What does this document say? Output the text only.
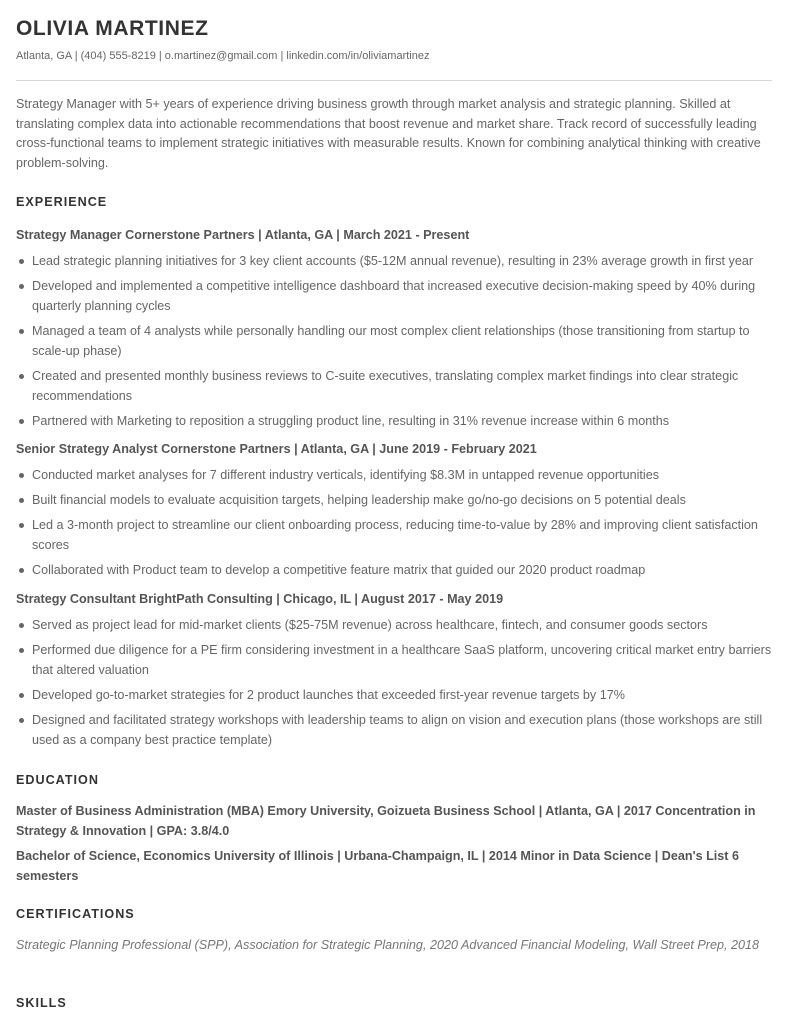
OLIVIA MARTINEZ
Atlanta, GA | (404) 555-8219 | o.martinez@gmail.com | linkedin.com/in/oliviamartinez

Strategy Manager with 5+ years of experience driving business growth through market analysis and strategic planning. Skilled at translating complex data into actionable recommendations that boost revenue and market share. Track record of successfully leading cross-functional teams to implement strategic initiatives with measurable results. Known for combining analytical thinking with creative problem-solving.

EXPERIENCE

Strategy Manager Cornerstone Partners | Atlanta, GA | March 2021 - Present

Lead strategic planning initiatives for 3 key client accounts ($5-12M annual revenue), resulting in 23% average growth in first year
Developed and implemented a competitive intelligence dashboard that increased executive decision-making speed by 40% during quarterly planning cycles
Managed a team of 4 analysts while personally handling our most complex client relationships (those transitioning from startup to scale-up phase)
Created and presented monthly business reviews to C-suite executives, translating complex market findings into clear strategic recommendations
Partnered with Marketing to reposition a struggling product line, resulting in 31% revenue increase within 6 months

Senior Strategy Analyst Cornerstone Partners | Atlanta, GA | June 2019 - February 2021

Conducted market analyses for 7 different industry verticals, identifying $8.3M in untapped revenue opportunities
Built financial models to evaluate acquisition targets, helping leadership make go/no-go decisions on 5 potential deals
Led a 3-month project to streamline our client onboarding process, reducing time-to-value by 28% and improving client satisfaction scores
Collaborated with Product team to develop a competitive feature matrix that guided our 2020 product roadmap

Strategy Consultant BrightPath Consulting | Chicago, IL | August 2017 - May 2019

Served as project lead for mid-market clients ($25-75M revenue) across healthcare, fintech, and consumer goods sectors
Performed due diligence for a PE firm considering investment in a healthcare SaaS platform, uncovering critical market entry barriers that altered valuation
Developed go-to-market strategies for 2 product launches that exceeded first-year revenue targets by 17%
Designed and facilitated strategy workshops with leadership teams to align on vision and execution plans (those workshops are still used as a company best practice template)
EDUCATION

Master of Business Administration (MBA) Emory University, Goizueta Business School | Atlanta, GA | 2017 Concentration in Strategy & Innovation | GPA: 3.8/4.0

Bachelor of Science, Economics University of Illinois | Urbana-Champaign, IL | 2014 Minor in Data Science | Dean's List 6 semesters

CERTIFICATIONS

Strategic Planning Professional (SPP), Association for Strategic Planning, 2020 Advanced Financial Modeling, Wall Street Prep, 2018

SKILLS
